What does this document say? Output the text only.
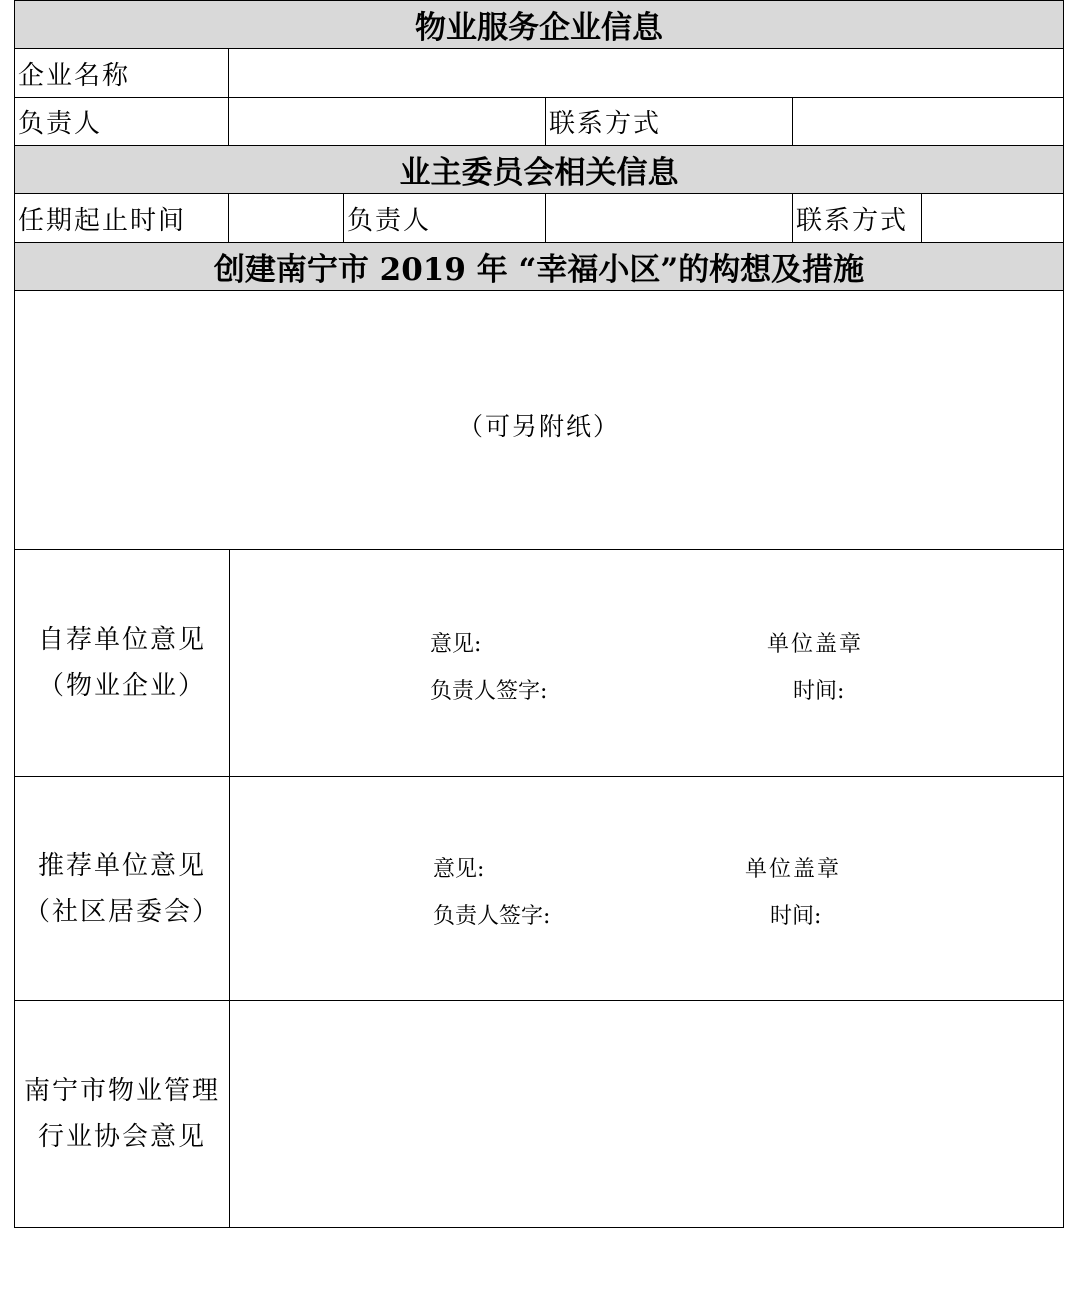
物业服务企业信息
企业名称
负责人	联系方式
业主委员会相关信息
任期起止时间	负责人	联系方式
创建南宁市 2019 年 “幸福小区”的构想及措施
（可另附纸）
自荐单位意见
（物业企业）
意见:	单位盖章
负责人签字:	时间:
推荐单位意见
（社区居委会）
意见:	单位盖章
负责人签字:	时间:
南宁市物业管理
行业协会意见
